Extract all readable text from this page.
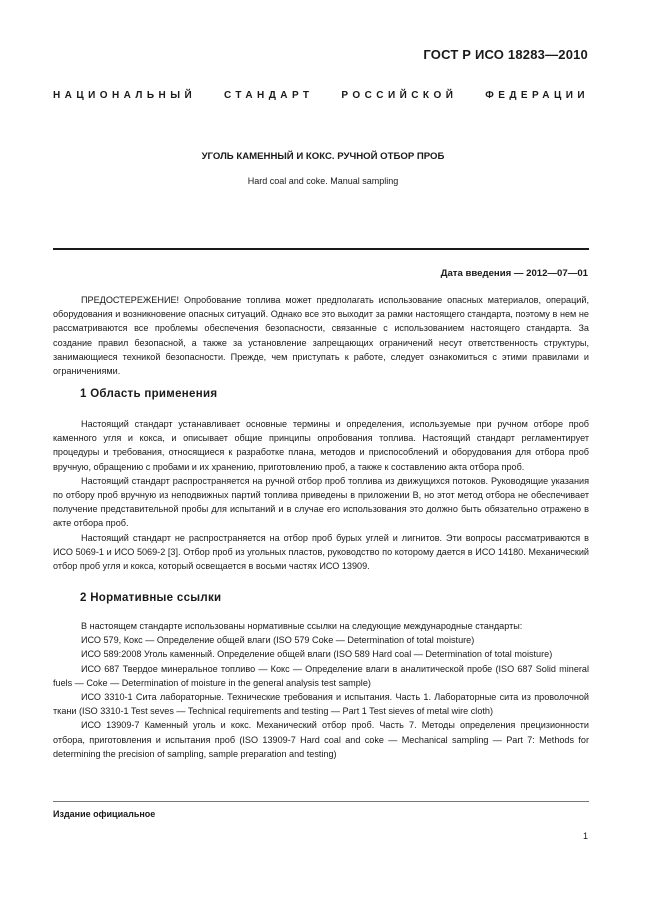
ГОСТ Р ИСО 18283—2010
НАЦИОНАЛЬНЫЙ СТАНДАРТ РОССИЙСКОЙ ФЕДЕРАЦИИ
УГОЛЬ КАМЕННЫЙ И КОКС. РУЧНОЙ ОТБОР ПРОБ
Hard coal and coke. Manual sampling
Дата введения — 2012—07—01

ПРЕДОСТЕРЕЖЕНИЕ! Опробование топлива может предполагать использование опасных материалов, операций, оборудования и возникновение опасных ситуаций. Однако все это выходит за рамки настоящего стандарта, поэтому в нем не рассматриваются все проблемы обеспечения безопасности, связанные с использованием настоящего стандарта. За создание правил безопасной, а также за установление запрещающих ограничений несут ответственность структуры, занимающиеся техникой безопасности. Прежде, чем приступать к работе, следует ознакомиться с этими правилами и ограничениями.

1 Область применения

Настоящий стандарт устанавливает основные термины и определения, используемые при ручном отборе проб каменного угля и кокса, и описывает общие принципы опробования топлива. Настоящий стандарт регламентирует процедуры и требования, относящиеся к разработке плана, методов и приспособлений и оборудования для отбора проб вручную, обращению с пробами и их хранению, приготовлению проб, а также к составлению акта отбора проб.

Настоящий стандарт распространяется на ручной отбор проб топлива из движущихся потоков. Руководящие указания по отбору проб вручную из неподвижных партий топлива приведены в приложении В, но этот метод отбора не обеспечивает получение представительной пробы для испытаний и в случае его использования это должно быть обязательно отражено в акте отбора проб.

Настоящий стандарт не распространяется на отбор проб бурых углей и лигнитов. Эти вопросы рассматриваются в ИСО 5069-1 и ИСО 5069-2 [3]. Отбор проб из угольных пластов, руководство по которому дается в ИСО 14180. Механический отбор проб угля и кокса, который освещается в восьми частях ИСО 13909.

2 Нормативные ссылки

В настоящем стандарте использованы нормативные ссылки на следующие международные стандарты:

ИСО 579, Кокс — Определение общей влаги (ISO 579 Coke — Determination of total moisture)

ИСО 589:2008 Уголь каменный. Определение общей влаги (ISO 589 Hard coal — Determination of total moisture)

ИСО 687 Твердое минеральное топливо — Кокс — Определение влаги в аналитической пробе (ISO 687 Solid mineral fuels — Coke — Determination of moisture in the general analysis test sample)

ИСО 3310-1 Сита лабораторные. Технические требования и испытания. Часть 1. Лабораторные сита из проволочной ткани (ISO 3310-1 Test seves — Technical requirements and testing — Part 1 Test sieves of metal wire cloth)

ИСО 13909-7 Каменный уголь и кокс. Механический отбор проб. Часть 7. Методы определения прецизионности отбора, приготовления и испытания проб (ISO 13909-7 Hard coal and coke — Mechanical sampling — Part 7: Methods for determining the precision of sampling, sample preparation and testing)

Издание официальное
1
